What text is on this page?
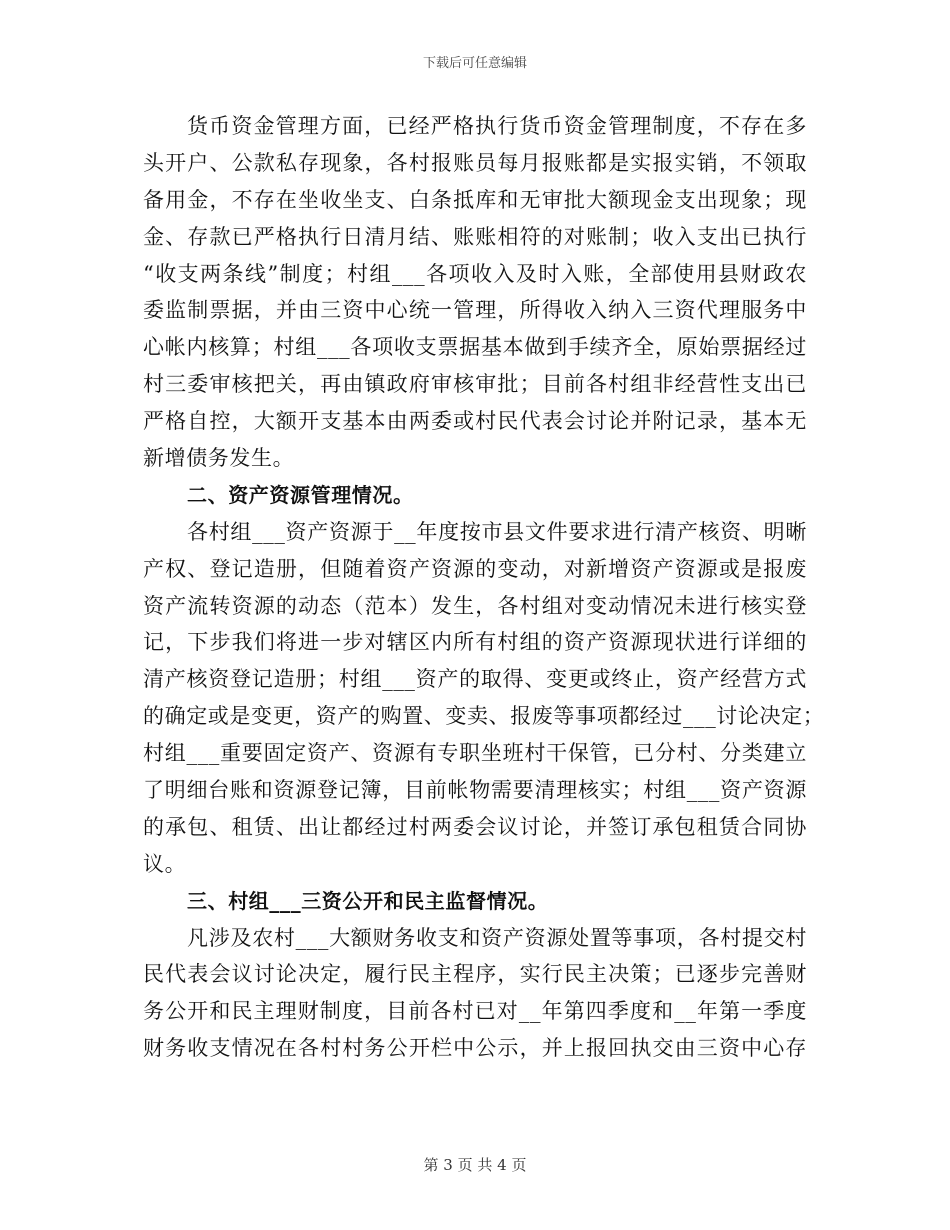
下载后可任意编辑
货币资金管理方面，已经严格执行货币资金管理制度，不存在多
头开户、公款私存现象，各村报账员每月报账都是实报实销，不领取
备用金，不存在坐收坐支、白条抵库和无审批大额现金支出现象；现
金、存款已严格执行日清月结、账账相符的对账制；收入支出已执行
“收支两条线”制度；村组___各项收入及时入账，全部使用县财政农
委监制票据，并由三资中心统一管理，所得收入纳入三资代理服务中
心帐内核算；村组___各项收支票据基本做到手续齐全，原始票据经过
村三委审核把关，再由镇政府审核审批；目前各村组非经营性支出已
严格自控，大额开支基本由两委或村民代表会讨论并附记录，基本无
新增债务发生。
二、资产资源管理情况。
各村组___资产资源于__年度按市县文件要求进行清产核资、明晰
产权、登记造册，但随着资产资源的变动，对新增资产资源或是报废
资产流转资源的动态（范本）发生，各村组对变动情况未进行核实登
记，下步我们将进一步对辖区内所有村组的资产资源现状进行详细的
清产核资登记造册；村组___资产的取得、变更或终止，资产经营方式
的确定或是变更，资产的购置、变卖、报废等事项都经过___讨论决定；
村组___重要固定资产、资源有专职坐班村干保管，已分村、分类建立
了明细台账和资源登记簿，目前帐物需要清理核实；村组___资产资源
的承包、租赁、出让都经过村两委会议讨论，并签订承包租赁合同协
议。
三、村组___三资公开和民主监督情况。
凡涉及农村___大额财务收支和资产资源处置等事项，各村提交村
民代表会议讨论决定，履行民主程序，实行民主决策；已逐步完善财
务公开和民主理财制度，目前各村已对__年第四季度和__年第一季度
财务收支情况在各村村务公开栏中公示，并上报回执交由三资中心存
第 3 页 共 4 页
